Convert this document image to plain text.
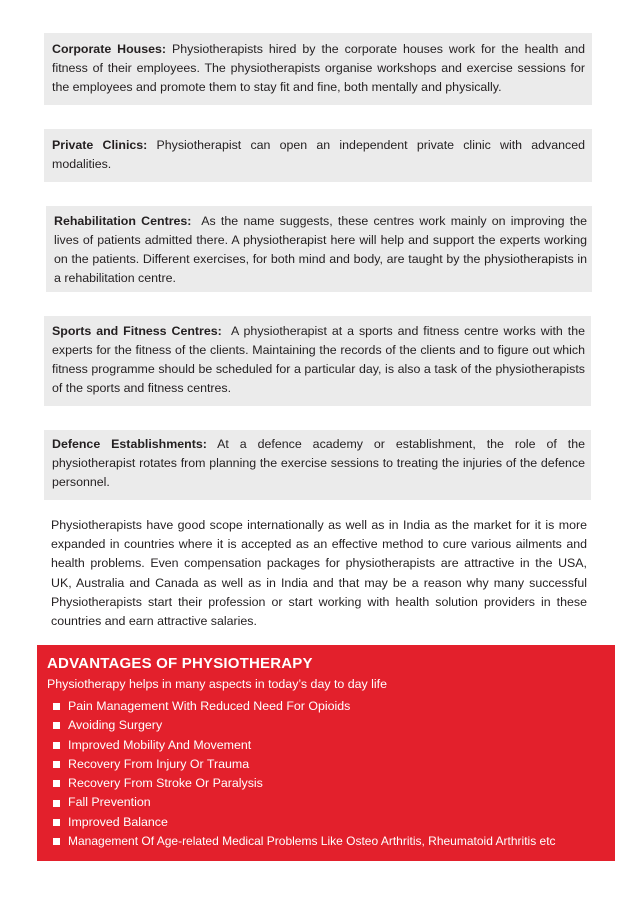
Corporate Houses: Physiotherapists hired by the corporate houses work for the health and fitness of their employees. The physiotherapists organise workshops and exercise sessions for the employees and promote them to stay fit and fine, both mentally and physically.
Private Clinics: Physiotherapist can open an independent private clinic with advanced modalities.
Rehabilitation Centres:  As the name suggests, these centres work mainly on improving the lives of patients admitted there. A physiotherapist here will help and support the experts working on the patients. Different exercises, for both mind and body, are taught by the physiotherapists in a rehabilitation centre.
Sports and Fitness Centres:  A physiotherapist at a sports and fitness centre works with the experts for the fitness of the clients. Maintaining the records of the clients and to figure out which fitness programme should be scheduled for a particular day, is also a task of the physiotherapists of the sports and fitness centres.
Defence Establishments: At a defence academy or establishment, the role of the physiotherapist rotates from planning the exercise sessions to treating the injuries of the defence personnel.

Physiotherapists have good scope internationally as well as in India as the market for it is more expanded in countries where it is accepted as an effective method to cure various ailments and health problems. Even compensation packages for physiotherapists are attractive in the USA, UK, Australia and Canada as well as in India and that may be a reason why many successful Physiotherapists start their profession or start working with health solution providers in these countries and earn attractive salaries.

ADVANTAGES OF PHYSIOTHERAPY
Physiotherapy helps in many aspects in today’s day to day life
Pain Management With Reduced Need For Opioids
Avoiding Surgery
Improved Mobility And Movement
Recovery From Injury Or Trauma
Recovery From Stroke Or Paralysis
Fall Prevention
Improved Balance
Management Of Age-related Medical Problems Like Osteo Arthritis, Rheumatoid Arthritis etc
